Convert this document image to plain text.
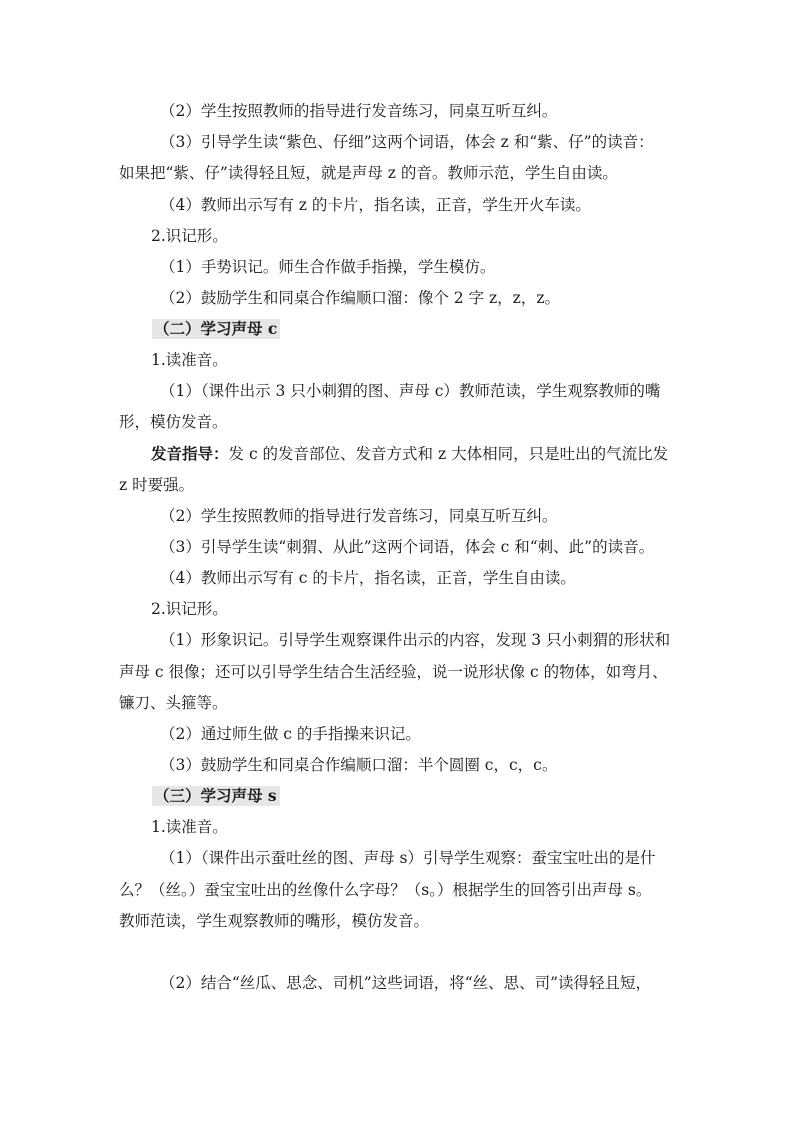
（2）学生按照教师的指导进行发音练习，同桌互听互纠。
（3）引导学生读“紫色、仔细”这两个词语，体会 z 和“紫、仔”的读音：
如果把“紫、仔”读得轻且短，就是声母 z 的音。教师示范，学生自由读。
（4）教师出示写有 z 的卡片，指名读，正音，学生开火车读。
2.识记形。
（1）手势识记。师生合作做手指操，学生模仿。
（2）鼓励学生和同桌合作编顺口溜：像个 2 字 z，z，z。
（二）学习声母 c
1.读准音。
（1）（课件出示 3 只小刺猬的图、声母 c）教师范读，学生观察教师的嘴
形，模仿发音。
发音指导：发 c 的发音部位、发音方式和 z 大体相同，只是吐出的气流比发
z 时要强。
（2）学生按照教师的指导进行发音练习，同桌互听互纠。
（3）引导学生读“刺猬、从此”这两个词语，体会 c 和“刺、此”的读音。
（4）教师出示写有 c 的卡片，指名读，正音，学生自由读。
2.识记形。
（1）形象识记。引导学生观察课件出示的内容，发现 3 只小刺猬的形状和
声母 c 很像；还可以引导学生结合生活经验，说一说形状像 c 的物体，如弯月、
镰刀、头箍等。
（2）通过师生做 c 的手指操来识记。
（3）鼓励学生和同桌合作编顺口溜：半个圆圈 c，c，c。
（三）学习声母 s
1.读准音。
（1）（课件出示蚕吐丝的图、声母 s）引导学生观察：蚕宝宝吐出的是什
么？（丝。）蚕宝宝吐出的丝像什么字母？（s。）根据学生的回答引出声母 s。
教师范读，学生观察教师的嘴形，模仿发音。
（2）结合“丝瓜、思念、司机”这些词语，将“丝、思、司”读得轻且短，
